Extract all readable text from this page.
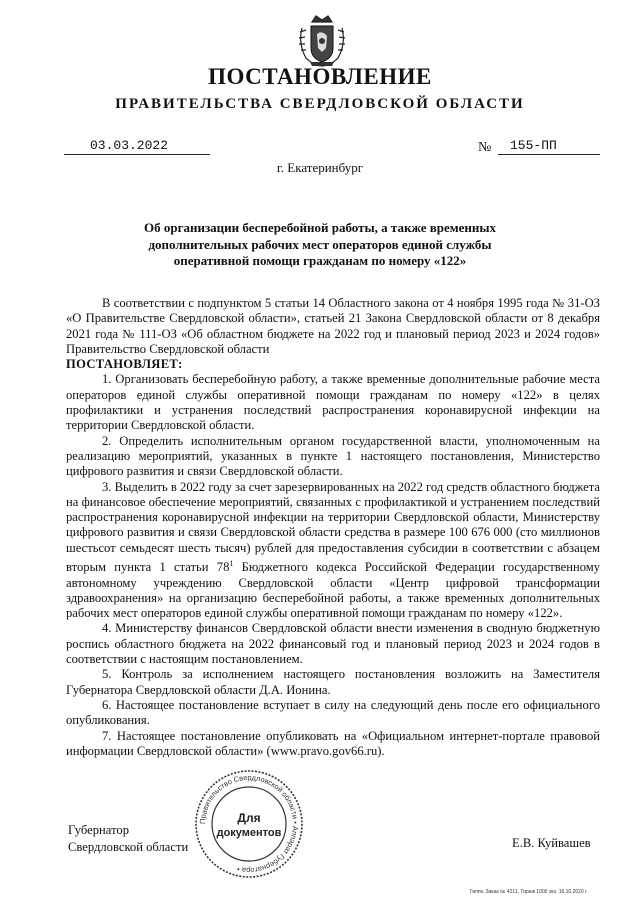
ПОСТАНОВЛЕНИЕ
ПРАВИТЕЛЬСТВА СВЕРДЛОВСКОЙ ОБЛАСТИ
03.03.2022	№	155-ПП
г. Екатеринбург
Об организации бесперебойной работы, а также временных
дополнительных рабочих мест операторов единой службы
оперативной помощи гражданам по номеру «122»

В соответствии с подпунктом 5 статьи 14 Областного закона от 4 ноября 1995 года № 31-ОЗ «О Правительстве Свердловской области», статьей 21 Закона Свердловской области от 8 декабря 2021 года № 111-ОЗ «Об областном бюджете на 2022 год и плановый период 2023 и 2024 годов» Правительство Свердловской области

ПОСТАНОВЛЯЕТ:

1. Организовать бесперебойную работу, а также временные дополнительные рабочие места операторов единой службы оперативной помощи гражданам по номеру «122» в целях профилактики и устранения последствий распространения коронавирусной инфекции на территории Свердловской области.

2. Определить исполнительным органом государственной власти, уполномоченным на реализацию мероприятий, указанных в пункте 1 настоящего постановления, Министерство цифрового развития и связи Свердловской области.

3. Выделить в 2022 году за счет зарезервированных на 2022 год средств областного бюджета на финансовое обеспечение мероприятий, связанных с профилактикой и устранением последствий распространения коронавирусной инфекции на территории Свердловской области, Министерству цифрового развития и связи Свердловской области средства в размере 100 676 000 (сто миллионов шестьсот семьдесят шесть тысяч) рублей для предоставления субсидии в соответствии с абзацем вторым пункта 1 статьи $78^1$ Бюджетного кодекса Российской Федерации государственному автономному учреждению Свердловской области «Центр цифровой трансформации здравоохранения» на организацию бесперебойной работы, а также временных дополнительных рабочих мест операторов единой службы оперативной помощи гражданам по номеру «122».

4. Министерству финансов Свердловской области внести изменения в сводную бюджетную роспись областного бюджета на 2022 финансовый год и плановый период 2023 и 2024 годов в соответствии с настоящим постановлением.

5. Контроль за исполнением настоящего постановления возложить на Заместителя Губернатора Свердловской области Д.А. Ионина.

6. Настоящее постановление вступает в силу на следующий день после его официального опубликования.

7. Настоящее постановление опубликовать на «Официальном интернет-портале правовой информации Свердловской области» (www.pravo.gov66.ru).

Губернатор
Свердловской области	Е.В. Куйвашев
Правительство Свердловской области • Аппарат Губернатора •
Для
документов
Гиппк. Заказ № 4211. Тираж 1000 экз. 16.10.2020 г.
